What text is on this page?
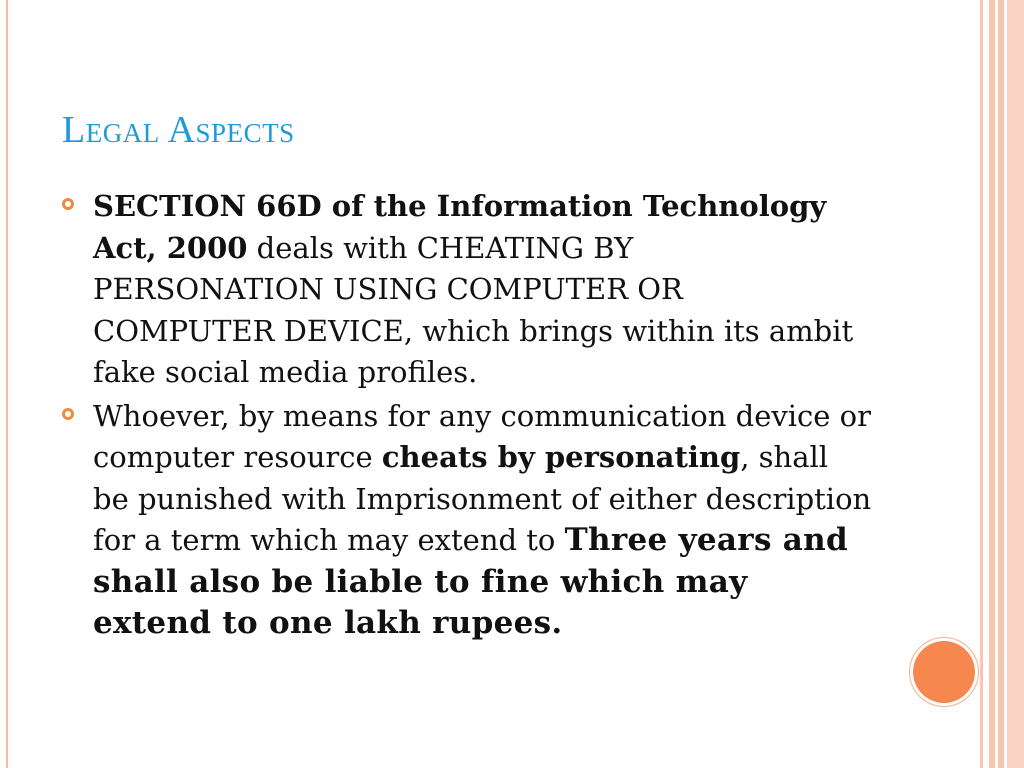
Legal Aspects
SECTION 66D of the Information Technology Act, 2000 deals with CHEATING BY PERSONATION USING COMPUTER OR COMPUTER DEVICE, which brings within its ambit fake social media profiles.
Whoever, by means for any communication device or computer resource cheats by personating, shall be punished with Imprisonment of either description for a term which may extend to Three years and shall also be liable to fine which may extend to one lakh rupees.
